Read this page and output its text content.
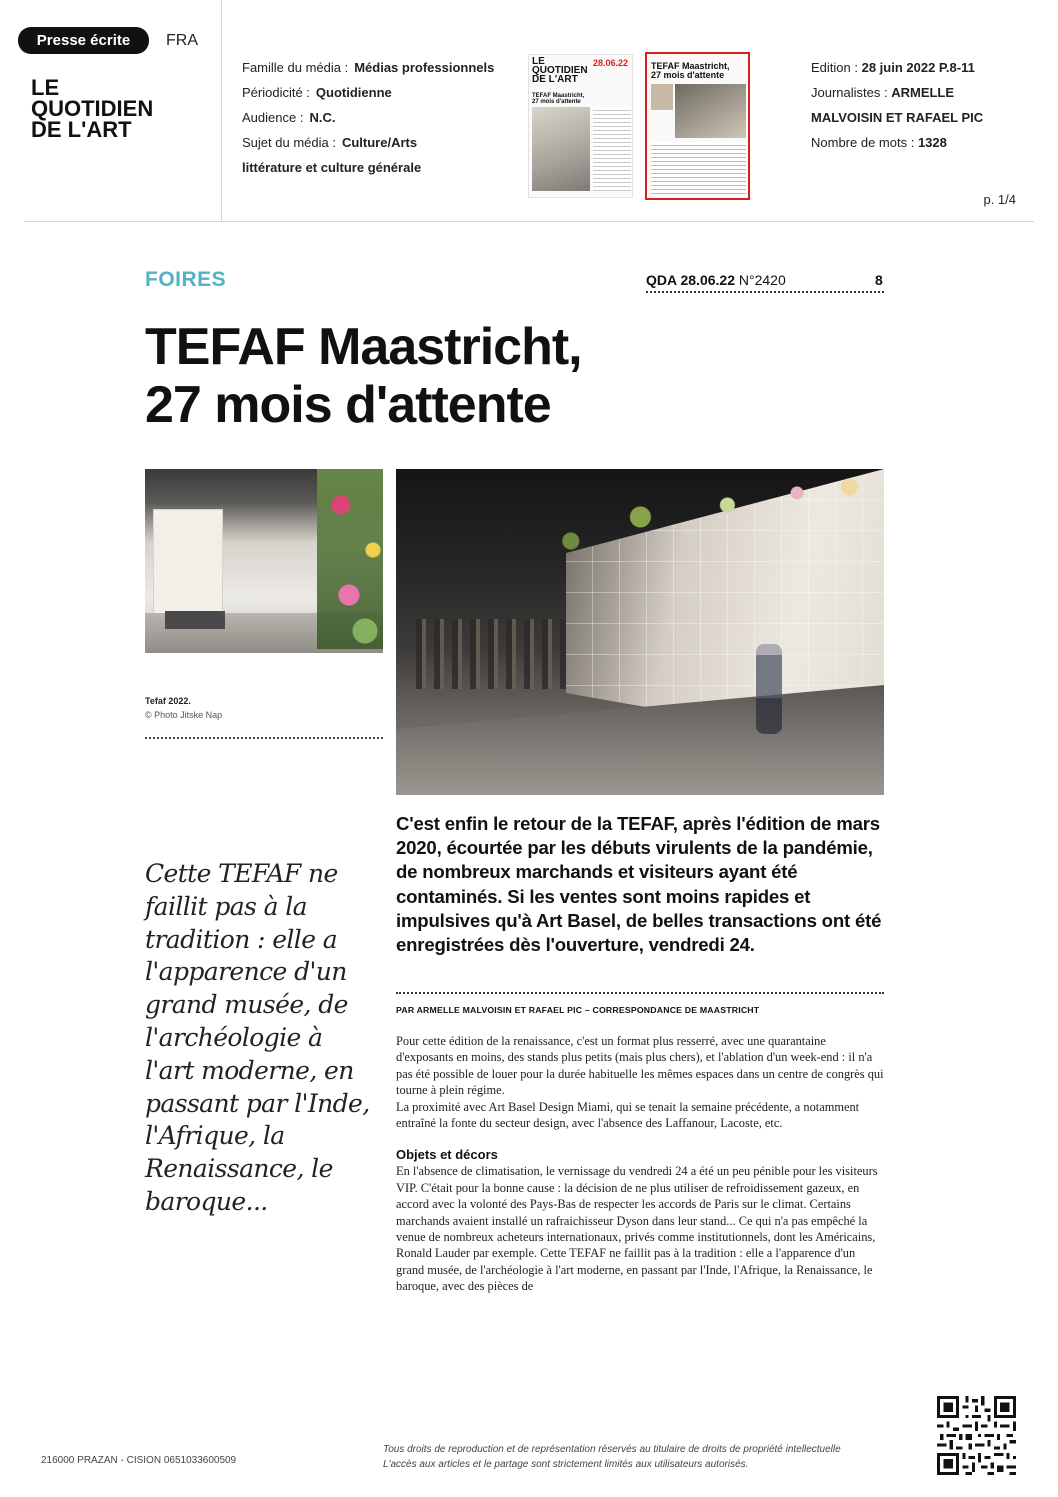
Presse écrite	FRA
LE
QUOTIDIEN
DE L'ART
Famille du média : Médias professionnels
Périodicité : Quotidienne
Audience : N.C.
Sujet du média : Culture/Arts
littérature et culture générale
LE
QUOTIDIEN
DE L'ART
28.06.22
TEFAF Maastricht, 27 mois d'attente
TEFAF Maastricht,
27 mois d'attente	Edition : 28 juin 2022 P.8-11
Journalistes : ARMELLE
MALVOISIN ET RAFAEL PIC
Nombre de mots : 1328
p. 1/4
FOIRES	QDA 28.06.22 N°2420	8
TEFAF Maastricht,
27 mois d'attente
Tefaf 2022.
© Photo Jitske Nap
Cette TEFAF ne faillit pas à la tradition : elle a l'apparence d'un grand musée, de l'archéologie à l'art moderne, en passant par l'Inde, l'Afrique, la Renaissance, le baroque...
C'est enfin le retour de la TEFAF, après l'édition de mars 2020, écourtée par les débuts virulents de la pandémie, de nombreux marchands et visiteurs ayant été contaminés. Si les ventes sont moins rapides et impulsives qu'à Art Basel, de belles transactions ont été enregistrées dès l'ouverture, vendredi 24.
PAR ARMELLE MALVOISIN ET RAFAEL PIC – CORRESPONDANCE DE MAASTRICHT

Pour cette édition de la renaissance, c'est un format plus resserré, avec une quarantaine d'exposants en moins, des stands plus petits (mais plus chers), et l'ablation d'un week-end : il n'a pas été possible de louer pour la durée habituelle les mêmes espaces dans un centre de congrès qui tourne à plein régime.

La proximité avec Art Basel Design Miami, qui se tenait la semaine précédente, a notamment entraîné la fonte du secteur design, avec l'absence des Laffanour, Lacoste, etc.

Objets et décors

En l'absence de climatisation, le vernissage du vendredi 24 a été un peu pénible pour les visiteurs VIP. C'était pour la bonne cause : la décision de ne plus utiliser de refroidissement gazeux, en accord avec la volonté des Pays-Bas de respecter les accords de Paris sur le climat. Certains marchands avaient installé un rafraichisseur Dyson dans leur stand... Ce qui n'a pas empêché la venue de nombreux acheteurs internationaux, privés comme institutionnels, dont les Américains, Ronald Lauder par exemple. Cette TEFAF ne faillit pas à la tradition : elle a l'apparence d'un grand musée, de l'archéologie à l'art moderne, en passant par l'Inde, l'Afrique, la Renaissance, le baroque, avec des pièces de

216000 PRAZAN - CISION 0651033600509
Tous droits de reproduction et de représentation réservés au titulaire de droits de propriété intellectuelle
L'accès aux articles et le partage sont strictement limités aux utilisateurs autorisés.
